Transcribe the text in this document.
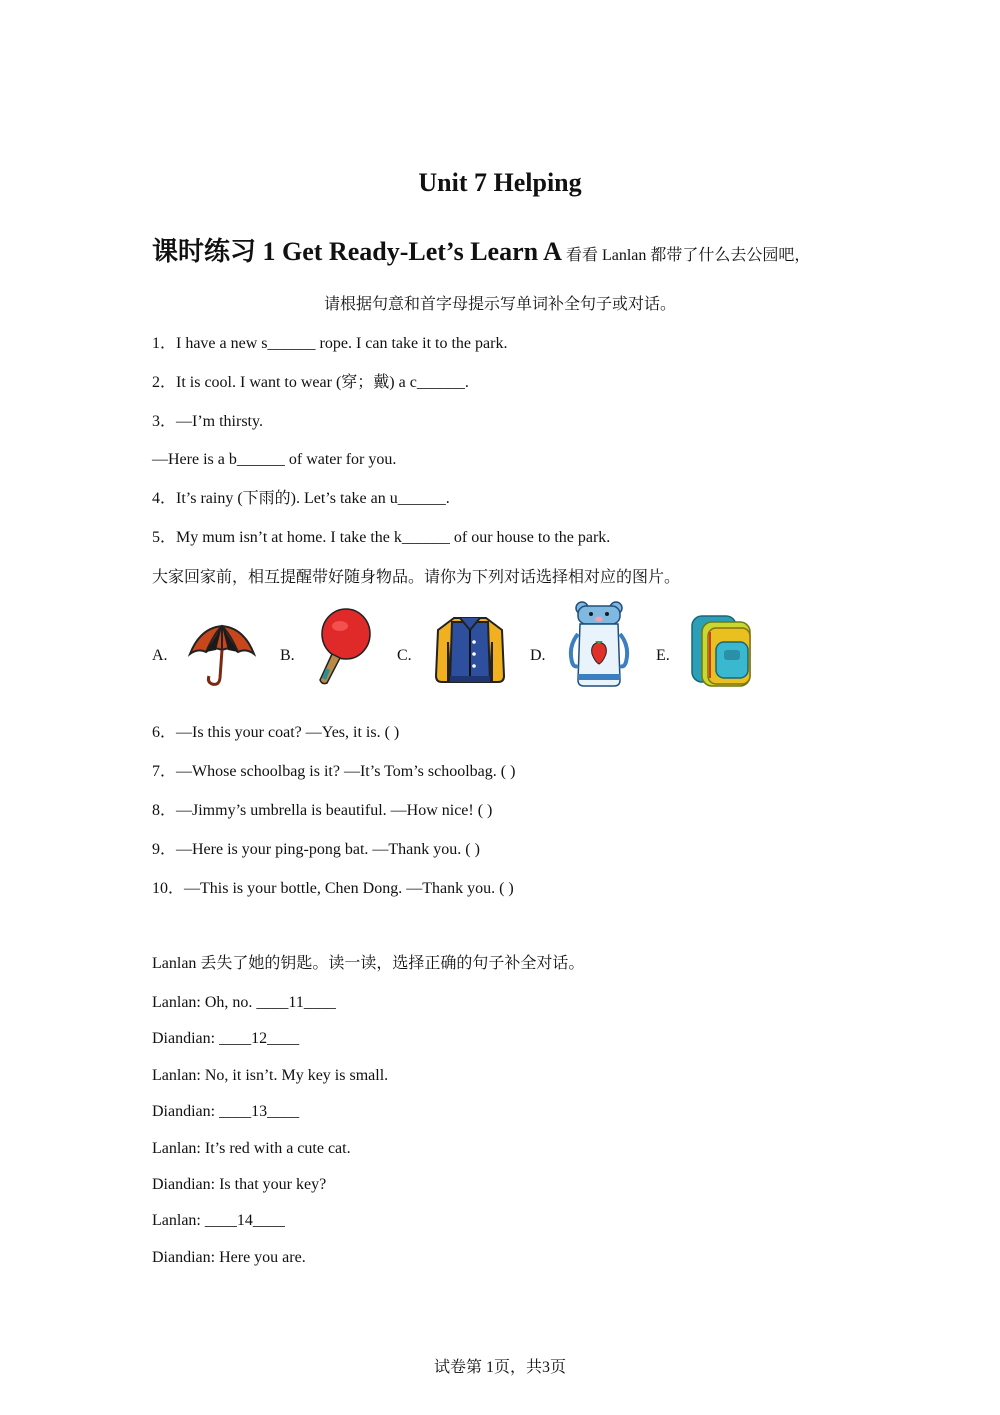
Unit 7 Helping
课时练习 1 Get Ready-Let’s Learn A 看看 Lanlan 都带了什么去公园吧，
请根据句意和首字母提示写单词补全句子或对话。
1．I have a new s______ rope. I can take it to the park.
2．It is cool. I want to wear (穿；戴) a c______.
3．—I’m thirsty.
—Here is a b______ of water for you.
4．It’s rainy (下雨的). Let’s take an u______.
5．My mum isn’t at home. I take the k______ of our house to the park.
大家回家前，相互提醒带好随身物品。请你为下列对话选择相对应的图片。
A.	B.	C.	D.	E.
6．—Is this your coat? —Yes, it is. ( )
7．—Whose schoolbag is it? —It’s Tom’s schoolbag. ( )
8．—Jimmy’s umbrella is beautiful. —How nice! ( )
9．—Here is your ping-pong bat. —Thank you. ( )
10．—This is your bottle, Chen Dong. —Thank you. ( )
Lanlan 丢失了她的钥匙。读一读，选择正确的句子补全对话。
Lanlan: Oh, no. ____11____
Diandian: ____12____
Lanlan: No, it isn’t. My key is small.
Diandian: ____13____
Lanlan: It’s red with a cute cat.
Diandian: Is that your key?
Lanlan: ____14____
Diandian: Here you are.
试卷第 1页，共3页
